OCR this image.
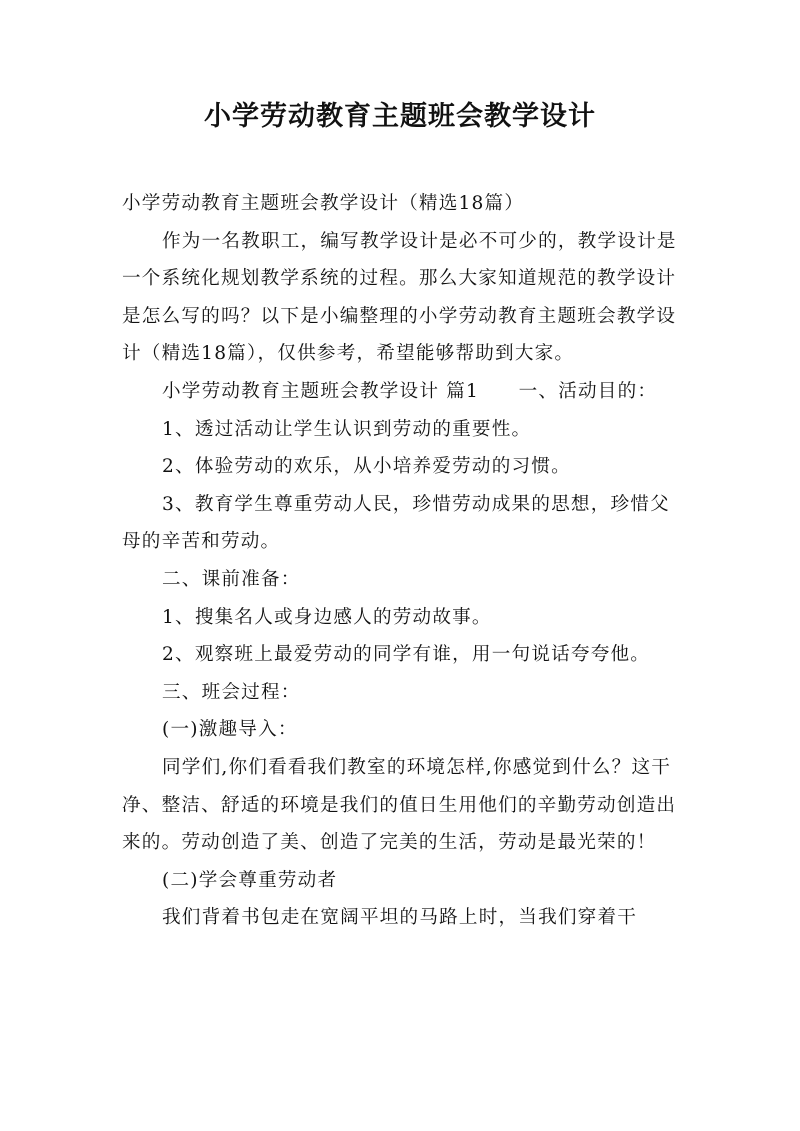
小学劳动教育主题班会教学设计

小学劳动教育主题班会教学设计（精选18篇）

作为一名教职工，编写教学设计是必不可少的，教学设计是一个系统化规划教学系统的过程。那么大家知道规范的教学设计是怎么写的吗？以下是小编整理的小学劳动教育主题班会教学设计（精选18篇），仅供参考，希望能够帮助到大家。

小学劳动教育主题班会教学设计 篇1　　一、活动目的：

1、透过活动让学生认识到劳动的重要性。

2、体验劳动的欢乐，从小培养爱劳动的习惯。

3、教育学生尊重劳动人民，珍惜劳动成果的思想，珍惜父母的辛苦和劳动。

二、课前准备：

1、搜集名人或身边感人的劳动故事。

2、观察班上最爱劳动的同学有谁，用一句说话夸夸他。

三、班会过程：

(一)激趣导入：

同学们,你们看看我们教室的环境怎样,你感觉到什么？这干净、整洁、舒适的环境是我们的值日生用他们的辛勤劳动创造出来的。劳动创造了美、创造了完美的生活，劳动是最光荣的！

(二)学会尊重劳动者

我们背着书包走在宽阔平坦的马路上时，当我们穿着干
